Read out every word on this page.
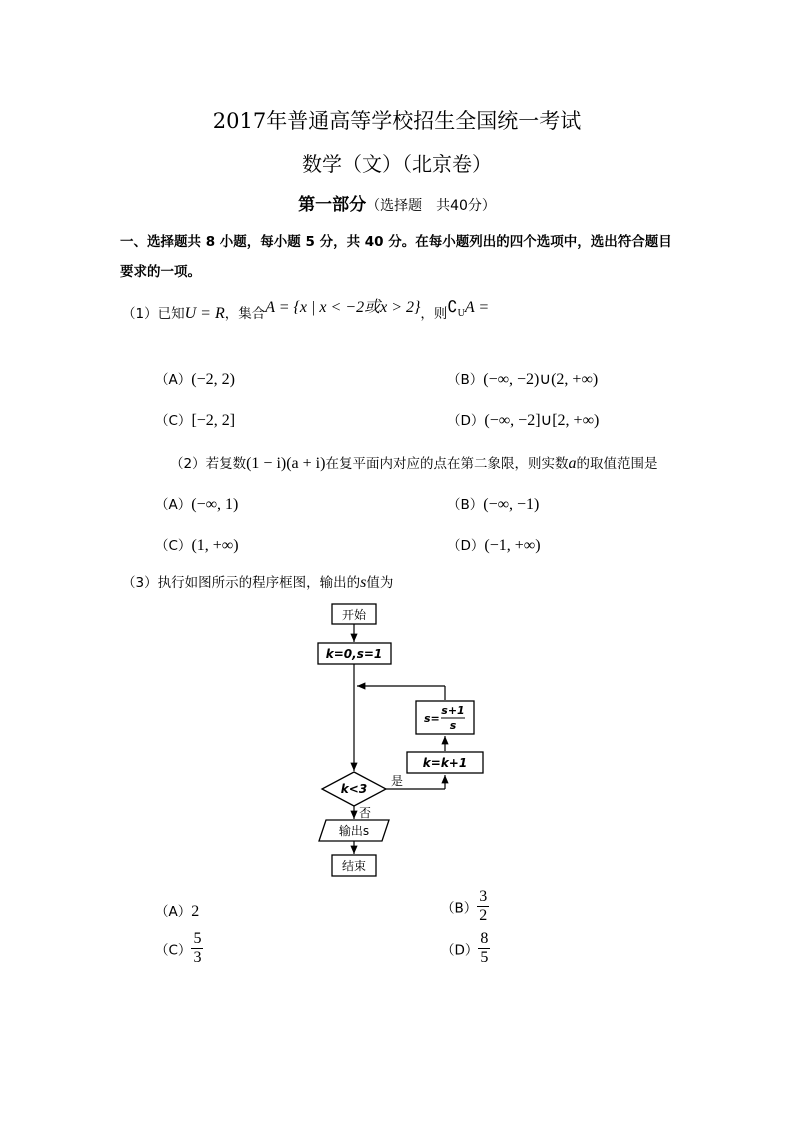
2017年普通高等学校招生全国统一考试
数学（文）（北京卷）
第一部分（选择题　共40分）
一、选择题共 8 小题，每小题 5 分，共 40 分。在每小题列出的四个选项中，选出符合题目
要求的一项。
（1）已知U = R，集合A = {x | x < −2或x > 2}，则$∁_UA$ =
（A）(−2, 2)	（B）(−∞, −2)∪(2, +∞)
（C）[−2, 2]	（D）(−∞, −2]∪[2, +∞)
（2）若复数(1 − i)(a + i)在复平面内对应的点在第二象限，则实数a的取值范围是
（A）(−∞, 1)	（B）(−∞, −1)
（C）(1, +∞)	（D）(−1, +∞)
（3）执行如图所示的程序框图，输出的s值为
开始
k=0,s=1
s=
s+1
s
k=k+1
k<3
是
否
输出s
结束
（A）2	$(B) \frac{3}{2}$
$(C) \frac{5}{3}$	$(D) \frac{8}{5}$
